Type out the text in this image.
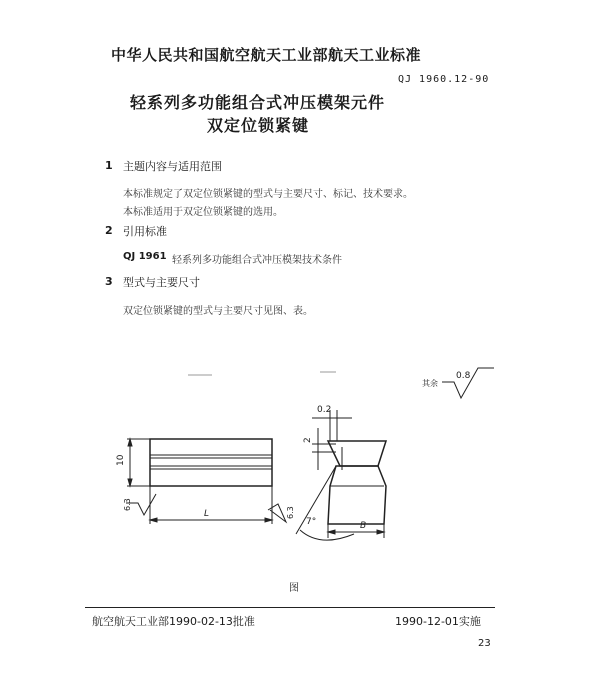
中华人民共和国航空航天工业部航天工业标准
QJ 1960.12-90
轻系列多功能组合式冲压模架元件
双定位锁紧键
1 主题内容与适用范围
本标准规定了双定位锁紧键的型式与主要尺寸、标记、技术要求。
本标准适用于双定位锁紧键的选用。
2 引用标准
QJ 1961 轻系列多功能组合式冲压模架技术条件
3 型式与主要尺寸
双定位锁紧键的型式与主要尺寸见图、表。
其余
0.8
0.2
2
10
L
B
7°
6.3
6.3
图
航空航天工业部1990-02-13批准	1990-12-01实施
23
